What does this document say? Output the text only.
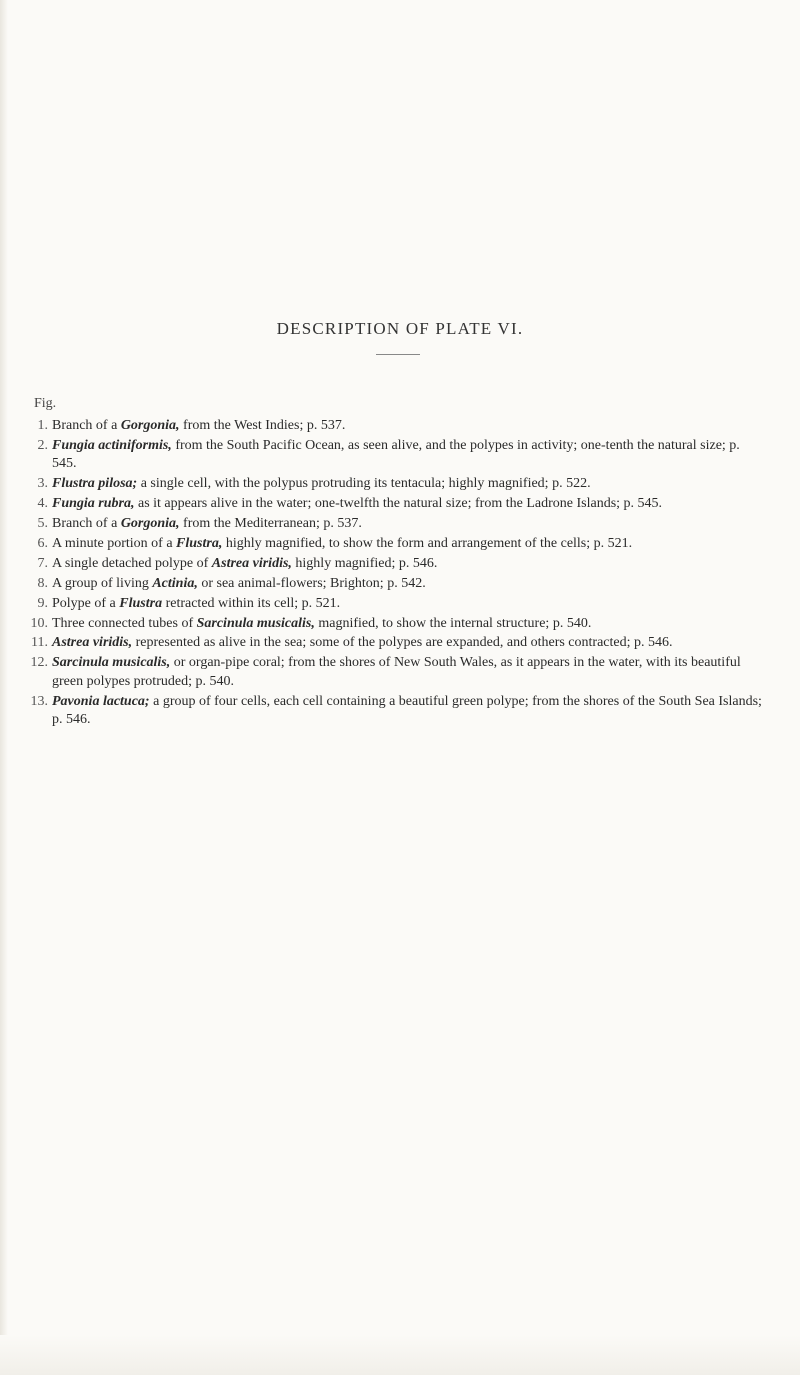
DESCRIPTION OF PLATE VI.
Fig.
1. Branch of a Gorgonia, from the West Indies; p. 537.
2. Fungia actiniformis, from the South Pacific Ocean, as seen alive, and the polypes in activity; one-tenth the natural size; p. 545.
3. Flustra pilosa; a single cell, with the polypus protruding its tentacula; highly magnified; p. 522.
4. Fungia rubra, as it appears alive in the water; one-twelfth the natural size; from the Ladrone Islands; p. 545.
5. Branch of a Gorgonia, from the Mediterranean; p. 537.
6. A minute portion of a Flustra, highly magnified, to show the form and arrangement of the cells; p. 521.
7. A single detached polype of Astrea viridis, highly magnified; p. 546.
8. A group of living Actinia, or sea animal-flowers; Brighton; p. 542.
9. Polype of a Flustra retracted within its cell; p. 521.
10. Three connected tubes of Sarcinula musicalis, magnified, to show the internal structure; p. 540.
11. Astrea viridis, represented as alive in the sea; some of the polypes are expanded, and others contracted; p. 546.
12. Sarcinula musicalis, or organ-pipe coral; from the shores of New South Wales, as it appears in the water, with its beautiful green polypes protruded; p. 540.
13. Pavonia lactuca; a group of four cells, each cell containing a beautiful green polype; from the shores of the South Sea Islands; p. 546.
